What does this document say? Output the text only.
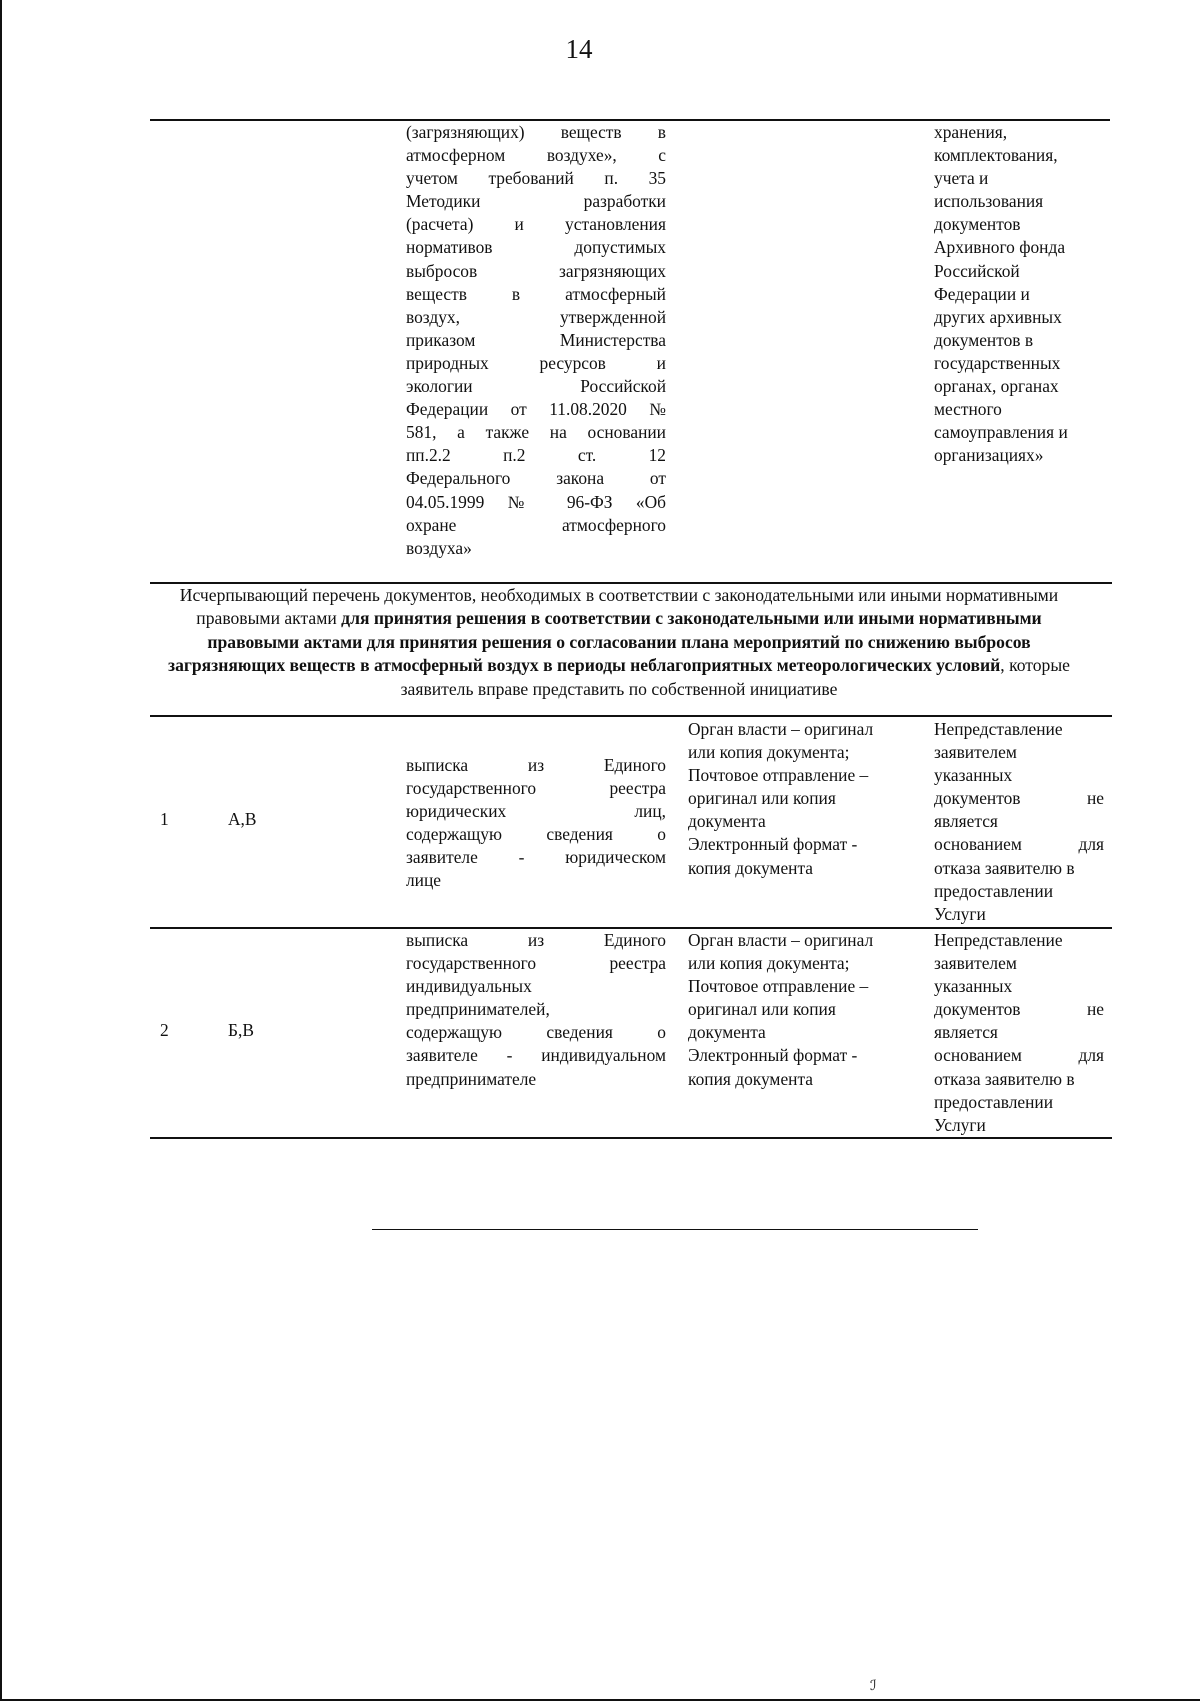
14

(загрязняющих) веществ в

атмосферном воздухе», с

учетом требований п. 35

Методики разработки

(расчета) и установления

нормативов допустимых

выбросов загрязняющих

веществ в атмосферный

воздух, утвержденной

приказом Министерства

природных ресурсов и

экологии Российской

Федерации от 11.08.2020 №

581, а также на основании

пп.2.2 п.2 ст. 12

Федерального закона от

04.05.1999 № 96-ФЗ «Об

охране атмосферного

воздуха»

хранения,

комплектования,

учета и

использования

документов

Архивного фонда

Российской

Федерации и

других архивных

документов в

государственных

органах, органах

местного

самоуправления и

организациях»

Исчерпывающий перечень документов, необходимых в соответствии с законодательными или иными нормативными правовыми актами для принятия решения в соответствии с законодательными или иными нормативными правовыми актами для принятия решения о согласовании плана мероприятий по снижению выбросов загрязняющих веществ в атмосферный воздух в периоды неблагоприятных метеорологических условий, которые заявитель вправе представить по собственной инициативе
1	А,В

выписка из Единого

государственного реестра

юридических лиц,

содержащую сведения о

заявителе - юридическом

лице

Орган власти – оригинал

или копия документа;

Почтовое отправление –

оригинал или копия

документа

Электронный формат -

копия документа

Непредставление

заявителем

указанных

документов не

является

основанием для

отказа заявителю в

предоставлении

Услуги

2	Б,В

выписка из Единого

государственного реестра

индивидуальных

предпринимателей,

содержащую сведения о

заявителе - индивидуальном

предпринимателе

Орган власти – оригинал

или копия документа;

Почтовое отправление –

оригинал или копия

документа

Электронный формат -

копия документа

Непредставление

заявителем

указанных

документов не

является

основанием для

отказа заявителю в

предоставлении

Услуги

ℐ
